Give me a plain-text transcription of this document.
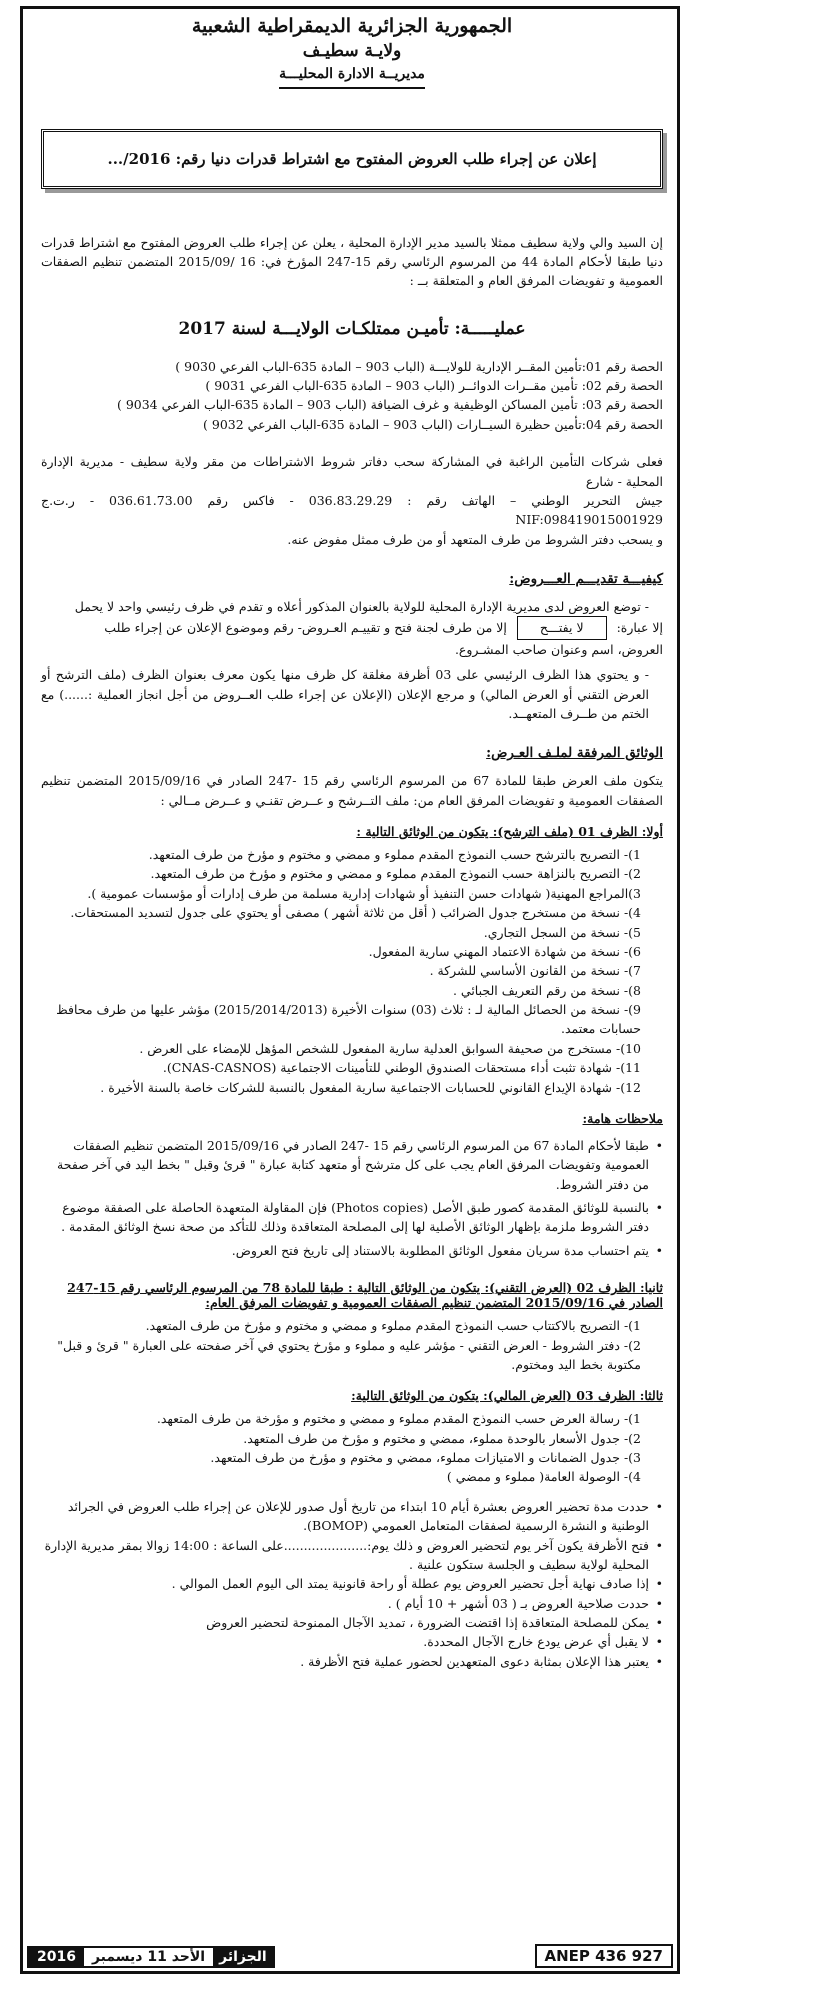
الجمهورية الجزائرية الديمقراطية الشعبية
ولايـة سطيـف
مديريــة الادارة المحليـــة
إعلان عن إجراء طلب العروض المفتوح مع اشتراط قدرات دنيا رقم: 2016/...

إن السيد والي ولاية سطيف ممثلا بالسيد مدير الإدارة المحلية ، يعلن عن إجراء طلب العروض المفتوح مع اشتراط قدرات دنيا طبقا لأحكام المادة 44 من المرسوم الرئاسي رقم 15-247 المؤرخ في: 16 /2015/09 المتضمن تنظيم الصفقات العمومية و تفويضات المرفق العام و المتعلقة بــ :

عمليـــــة: تأميـن ممتلكـات الولايـــة لسنة 2017
الحصة رقم 01:تأمين المقــر الإدارية للولايـــة (الباب 903 – المادة 635-الباب الفرعي 9030 )
الحصة رقم 02: تأمين مقــرات الدوائــر (الباب 903 – المادة 635-الباب الفرعي 9031 )
الحصة رقم 03: تأمين المساكن الوظيفية و غرف الضيافة (الباب 903 – المادة 635-الباب الفرعي 9034 )
الحصة رقم 04:تأمين حظيرة السيــارات (الباب 903 – المادة 635-الباب الفرعي 9032 )
فعلى شركات التأمين الراغبة في المشاركة سحب دفاتر شروط الاشتراطات من مقر ولاية سطيف - مديرية الإدارة المحلية - شارع
جيش التحرير الوطني – الهاتف رقم : 036.83.29.29 - فاكس رقم 036.61.73.00 - ر.ت.ج NIF:098419015001929
و يسحب دفتر الشروط من طرف المتعهد أو من طرف ممثل مفوض عنه.
كيفيـــة تقديـــم العـــروض:
- توضع العروض لدى مديرية الإدارة المحلية للولاية بالعنوان المذكور أعلاه و تقدم في ظرف رئيسي واحد لا يحمل
إلا عبارة: لا يفتـــح إلا من طرف لجنة فتح و تقييـم العـروض- رقم وموضوع الإعلان عن إجراء طلب
العروض، اسم وعنوان صاحب المشـروع.
- و يحتوي هذا الظرف الرئيسي على 03 أظرفة مغلقة كل ظرف منها يكون معرف بعنوان الظرف (ملف الترشح أو العرض التقني أو العرض المالي) و مرجع الإعلان (الإعلان عن إجراء طلب العــروض من أجل انجاز العملية :......) مع الختم من طــرف المتعهــد.
الوثائق المرفقة لملـف العـرض:

يتكون ملف العرض طبقا للمادة 67 من المرسوم الرئاسي رقم 15 -247 الصادر في 2015/09/16 المتضمن تنظيم الصفقات العمومية و تفويضات المرفق العام من: ملف التــرشح و عــرض تقنـي و عــرض مــالي :

أولا: الظرف 01 (ملف الترشح): يتكون من الوثائق التالية :
1)- التصريح بالترشح حسب النموذج المقدم مملوء و ممضي و مختوم و مؤرخ من طرف المتعهد.
2)- التصريح بالنزاهة حسب النموذج المقدم مملوء و ممضي و مختوم و مؤرخ من طرف المتعهد.
3)المراجع المهنية( شهادات حسن التنفيذ أو شهادات إدارية مسلمة من طرف إدارات أو مؤسسات عمومية ).
4)- نسخة من مستخرج جدول الضرائب ( أقل من ثلاثة أشهر ) مصفى أو يحتوي على جدول لتسديد المستحقات.
5)- نسخة من السجل التجاري.
6)- نسخة من شهادة الاعتماد المهني سارية المفعول.
7)- نسخة من القانون الأساسي للشركة .
8)- نسخة من رقم التعريف الجبائي .
9)- نسخة من الحصائل المالية لـ : ثلاث (03) سنوات الأخيرة (2015/2014/2013) مؤشر عليها من طرف محافظ حسابات معتمد.
10)- مستخرج من صحيفة السوابق العدلية سارية المفعول للشخص المؤهل للإمضاء على العرض .
11)- شهادة تثبت أداء مستحقات الصندوق الوطني للتأمينات الاجتماعية (CNAS-CASNOS).
12)- شهادة الإيداع القانوني للحسابات الاجتماعية سارية المفعول بالنسبة للشركات خاصة بالسنة الأخيرة .
ملاحظات هامة:
• طبقا لأحكام المادة 67 من المرسوم الرئاسي رقم 15 -247 الصادر في 2015/09/16 المتضمن تنظيم الصفقات العمومية وتفويضات المرفق العام يجب على كل مترشح أو متعهد كتابة عبارة " قرئ وقبل " بخط اليد في آخر صفحة من دفتر الشروط.
• بالنسبة للوثائق المقدمة كصور طبق الأصل (Photos copies) فإن المقاولة المتعهدة الحاصلة على الصفقة موضوع دفتر الشروط ملزمة بإظهار الوثائق الأصلية لها إلى المصلحة المتعاقدة وذلك للتأكد من صحة نسخ الوثائق المقدمة .
• يتم احتساب مدة سريان مفعول الوثائق المطلوبة بالاستناد إلى تاريخ فتح العروض.
ثانيا: الظرف 02 (العرض التقني): يتكون من الوثائق التالية : طبقا للمادة 78 من المرسوم الرئاسي رقم 15-247 الصادر في 2015/09/16 المتضمن تنظيم الصفقات العمومية و تفويضات المرفق العام:
1)- التصريح بالاكتتاب حسب النموذج المقدم مملوء و ممضي و مختوم و مؤرخ من طرف المتعهد.
2)- دفتر الشروط - العرض التقني - مؤشر عليه و مملوء و مؤرخ يحتوي في آخر صفحته على العبارة " قرئ و قبل" مكتوبة بخط اليد ومختوم.
ثالثا: الظرف 03 (العرض المالي): يتكون من الوثائق التالية:
1)- رسالة العرض حسب النموذج المقدم مملوء و ممضي و مختوم و مؤرخة من طرف المتعهد.
2)- جدول الأسعار بالوحدة مملوء، ممضي و مختوم و مؤرخ من طرف المتعهد.
3)- جدول الضمانات و الامتيازات مملوء، ممضي و مختوم و مؤرخ من طرف المتعهد.
4)- الوصولة العامة( مملوء و ممضي )
• حددت مدة تحضير العروض بعشرة أيام 10 ابتداء من تاريخ أول صدور للإعلان عن إجراء طلب العروض في الجرائد الوطنية و النشرة الرسمية لصفقات المتعامل العمومي (BOMOP).
• فتح الأظرفة يكون آخر يوم لتحضير العروض و ذلك يوم:.....................على الساعة : 14:00 زوالا بمقر مديرية الإدارة المحلية لولاية سطيف و الجلسة ستكون علنية .
• إذا صادف نهاية أجل تحضير العروض يوم عطلة أو راحة قانونية يمتد الى اليوم العمل الموالي .
• حددت صلاحية العروض بـ ( 03 أشهر + 10 أيام ) .
• يمكن للمصلحة المتعاقدة إذا اقتضت الضرورة ، تمديد الآجال الممنوحة لتحضير العروض
• لا يقبل أي عرض يودع خارج الآجال المحددة.
• يعتبر هذا الإعلان بمثابة دعوى المتعهدين لحضور عملية فتح الأظرفة .
ANEP 436 927
الجزائر
الأحد 11 ديسمبر
2016
